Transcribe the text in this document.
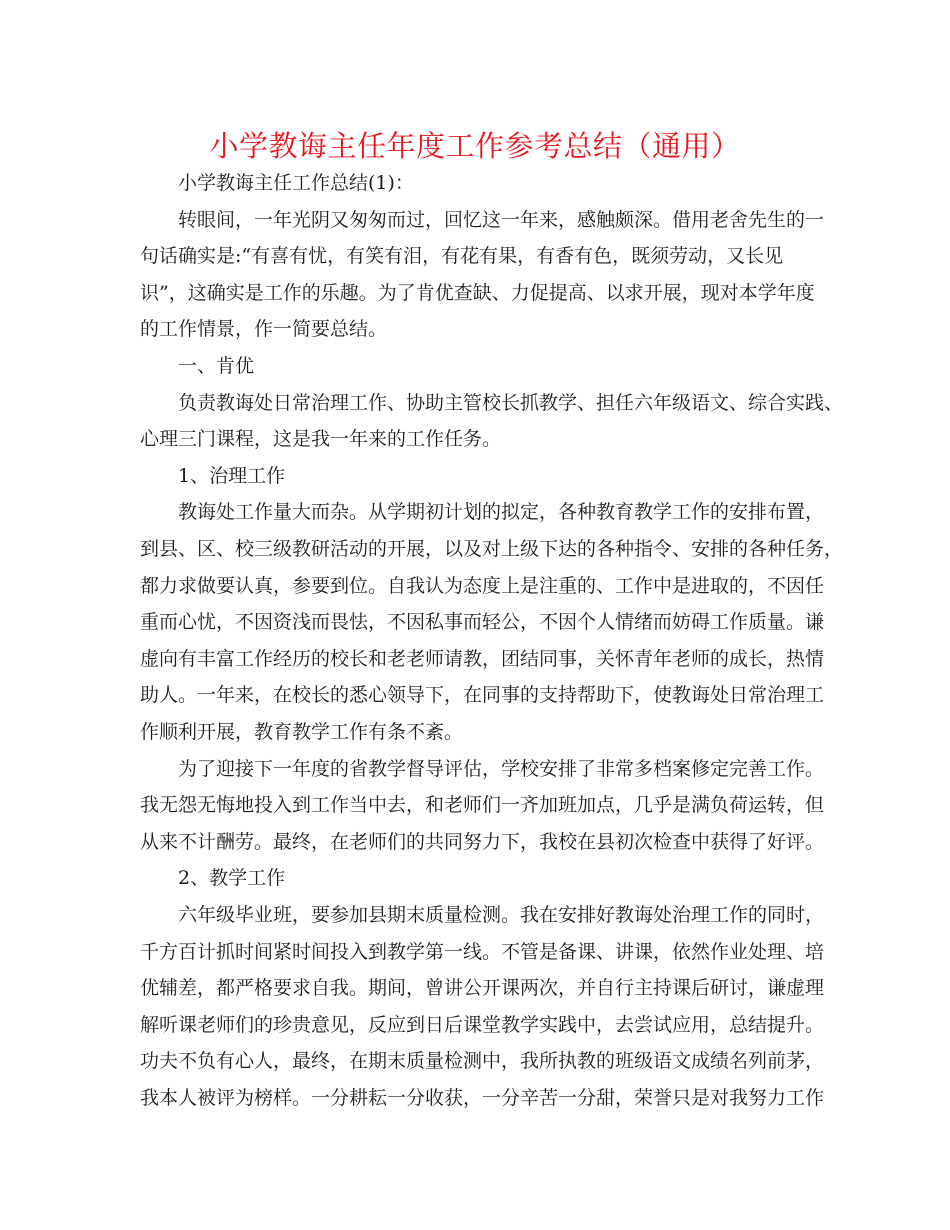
小学教诲主任年度工作参考总结（通用）

小学教诲主任工作总结(1)：

转眼间，一年光阴又匆匆而过，回忆这一年来，感触颇深。借用老舍先生的一

句话确实是:“有喜有忧，有笑有泪，有花有果，有香有色，既须劳动，又长见

识”，这确实是工作的乐趣。为了肯优查缺、力促提高、以求开展，现对本学年度

的工作情景，作一简要总结。

一、肯优

负责教诲处日常治理工作、协助主管校长抓教学、担任六年级语文、综合实践、

心理三门课程，这是我一年来的工作任务。

1、治理工作

教诲处工作量大而杂。从学期初计划的拟定，各种教育教学工作的安排布置，

到县、区、校三级教研活动的开展，以及对上级下达的各种指令、安排的各种任务，

都力求做要认真，参要到位。自我认为态度上是注重的、工作中是进取的，不因任

重而心忧，不因资浅而畏怯，不因私事而轻公，不因个人情绪而妨碍工作质量。谦

虚向有丰富工作经历的校长和老老师请教，团结同事，关怀青年老师的成长，热情

助人。一年来，在校长的悉心领导下，在同事的支持帮助下，使教诲处日常治理工

作顺利开展，教育教学工作有条不紊。

为了迎接下一年度的省教学督导评估，学校安排了非常多档案修定完善工作。

我无怨无悔地投入到工作当中去，和老师们一齐加班加点，几乎是满负荷运转，但

从来不计酬劳。最终，在老师们的共同努力下，我校在县初次检查中获得了好评。

2、教学工作

六年级毕业班，要参加县期末质量检测。我在安排好教诲处治理工作的同时，

千方百计抓时间紧时间投入到教学第一线。不管是备课、讲课，依然作业处理、培

优辅差，都严格要求自我。期间，曾讲公开课两次，并自行主持课后研讨，谦虚理

解听课老师们的珍贵意见，反应到日后课堂教学实践中，去尝试应用，总结提升。

功夫不负有心人，最终，在期末质量检测中，我所执教的班级语文成绩名列前茅，

我本人被评为榜样。一分耕耘一分收获，一分辛苦一分甜，荣誉只是对我努力工作
